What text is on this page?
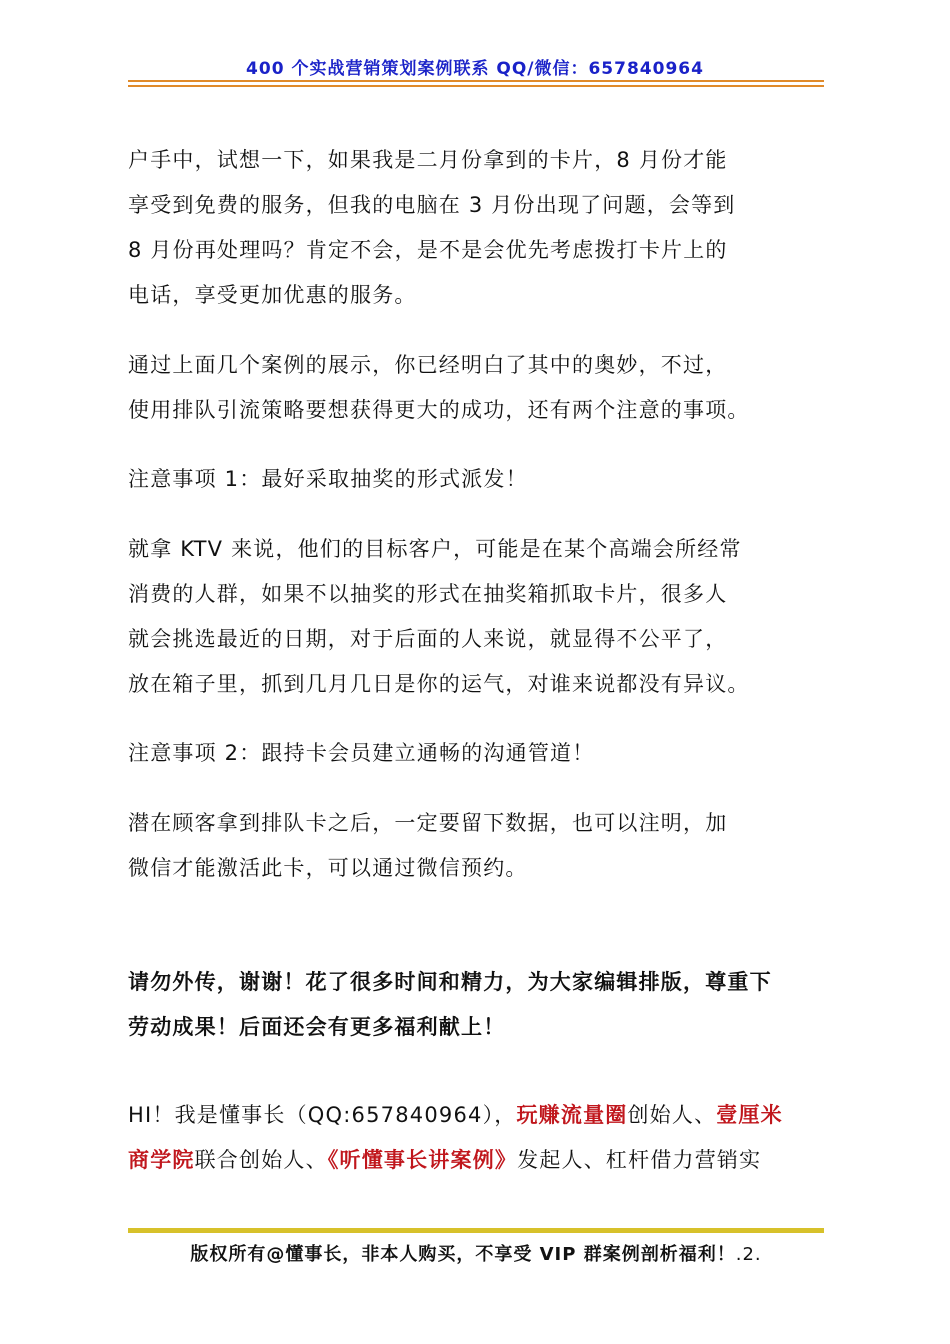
400 个实战营销策划案例联系 QQ/微信：657840964
户手中，试想一下，如果我是二月份拿到的卡片，8 月份才能
享受到免费的服务，但我的电脑在 3 月份出现了问题，会等到
8 月份再处理吗？肯定不会，是不是会优先考虑拨打卡片上的
电话，享受更加优惠的服务。
通过上面几个案例的展示，你已经明白了其中的奥妙，不过，
使用排队引流策略要想获得更大的成功，还有两个注意的事项。
注意事项 1：最好采取抽奖的形式派发！
就拿 KTV 来说，他们的目标客户，可能是在某个高端会所经常
消费的人群，如果不以抽奖的形式在抽奖箱抓取卡片，很多人
就会挑选最近的日期，对于后面的人来说，就显得不公平了，
放在箱子里，抓到几月几日是你的运气，对谁来说都没有异议。
注意事项 2：跟持卡会员建立通畅的沟通管道！
潜在顾客拿到排队卡之后，一定要留下数据，也可以注明，加
微信才能激活此卡，可以通过微信预约。
请勿外传，谢谢！花了很多时间和精力，为大家编辑排版，尊重下
劳动成果！后面还会有更多福利献上！
HI！我是懂事长（QQ:657840964），玩赚流量圈创始人、壹厘米
商学院联合创始人、《听懂事长讲案例》发起人、杠杆借力营销实
版权所有@懂事长，非本人购买，不享受 VIP 群案例剖析福利！.2.
